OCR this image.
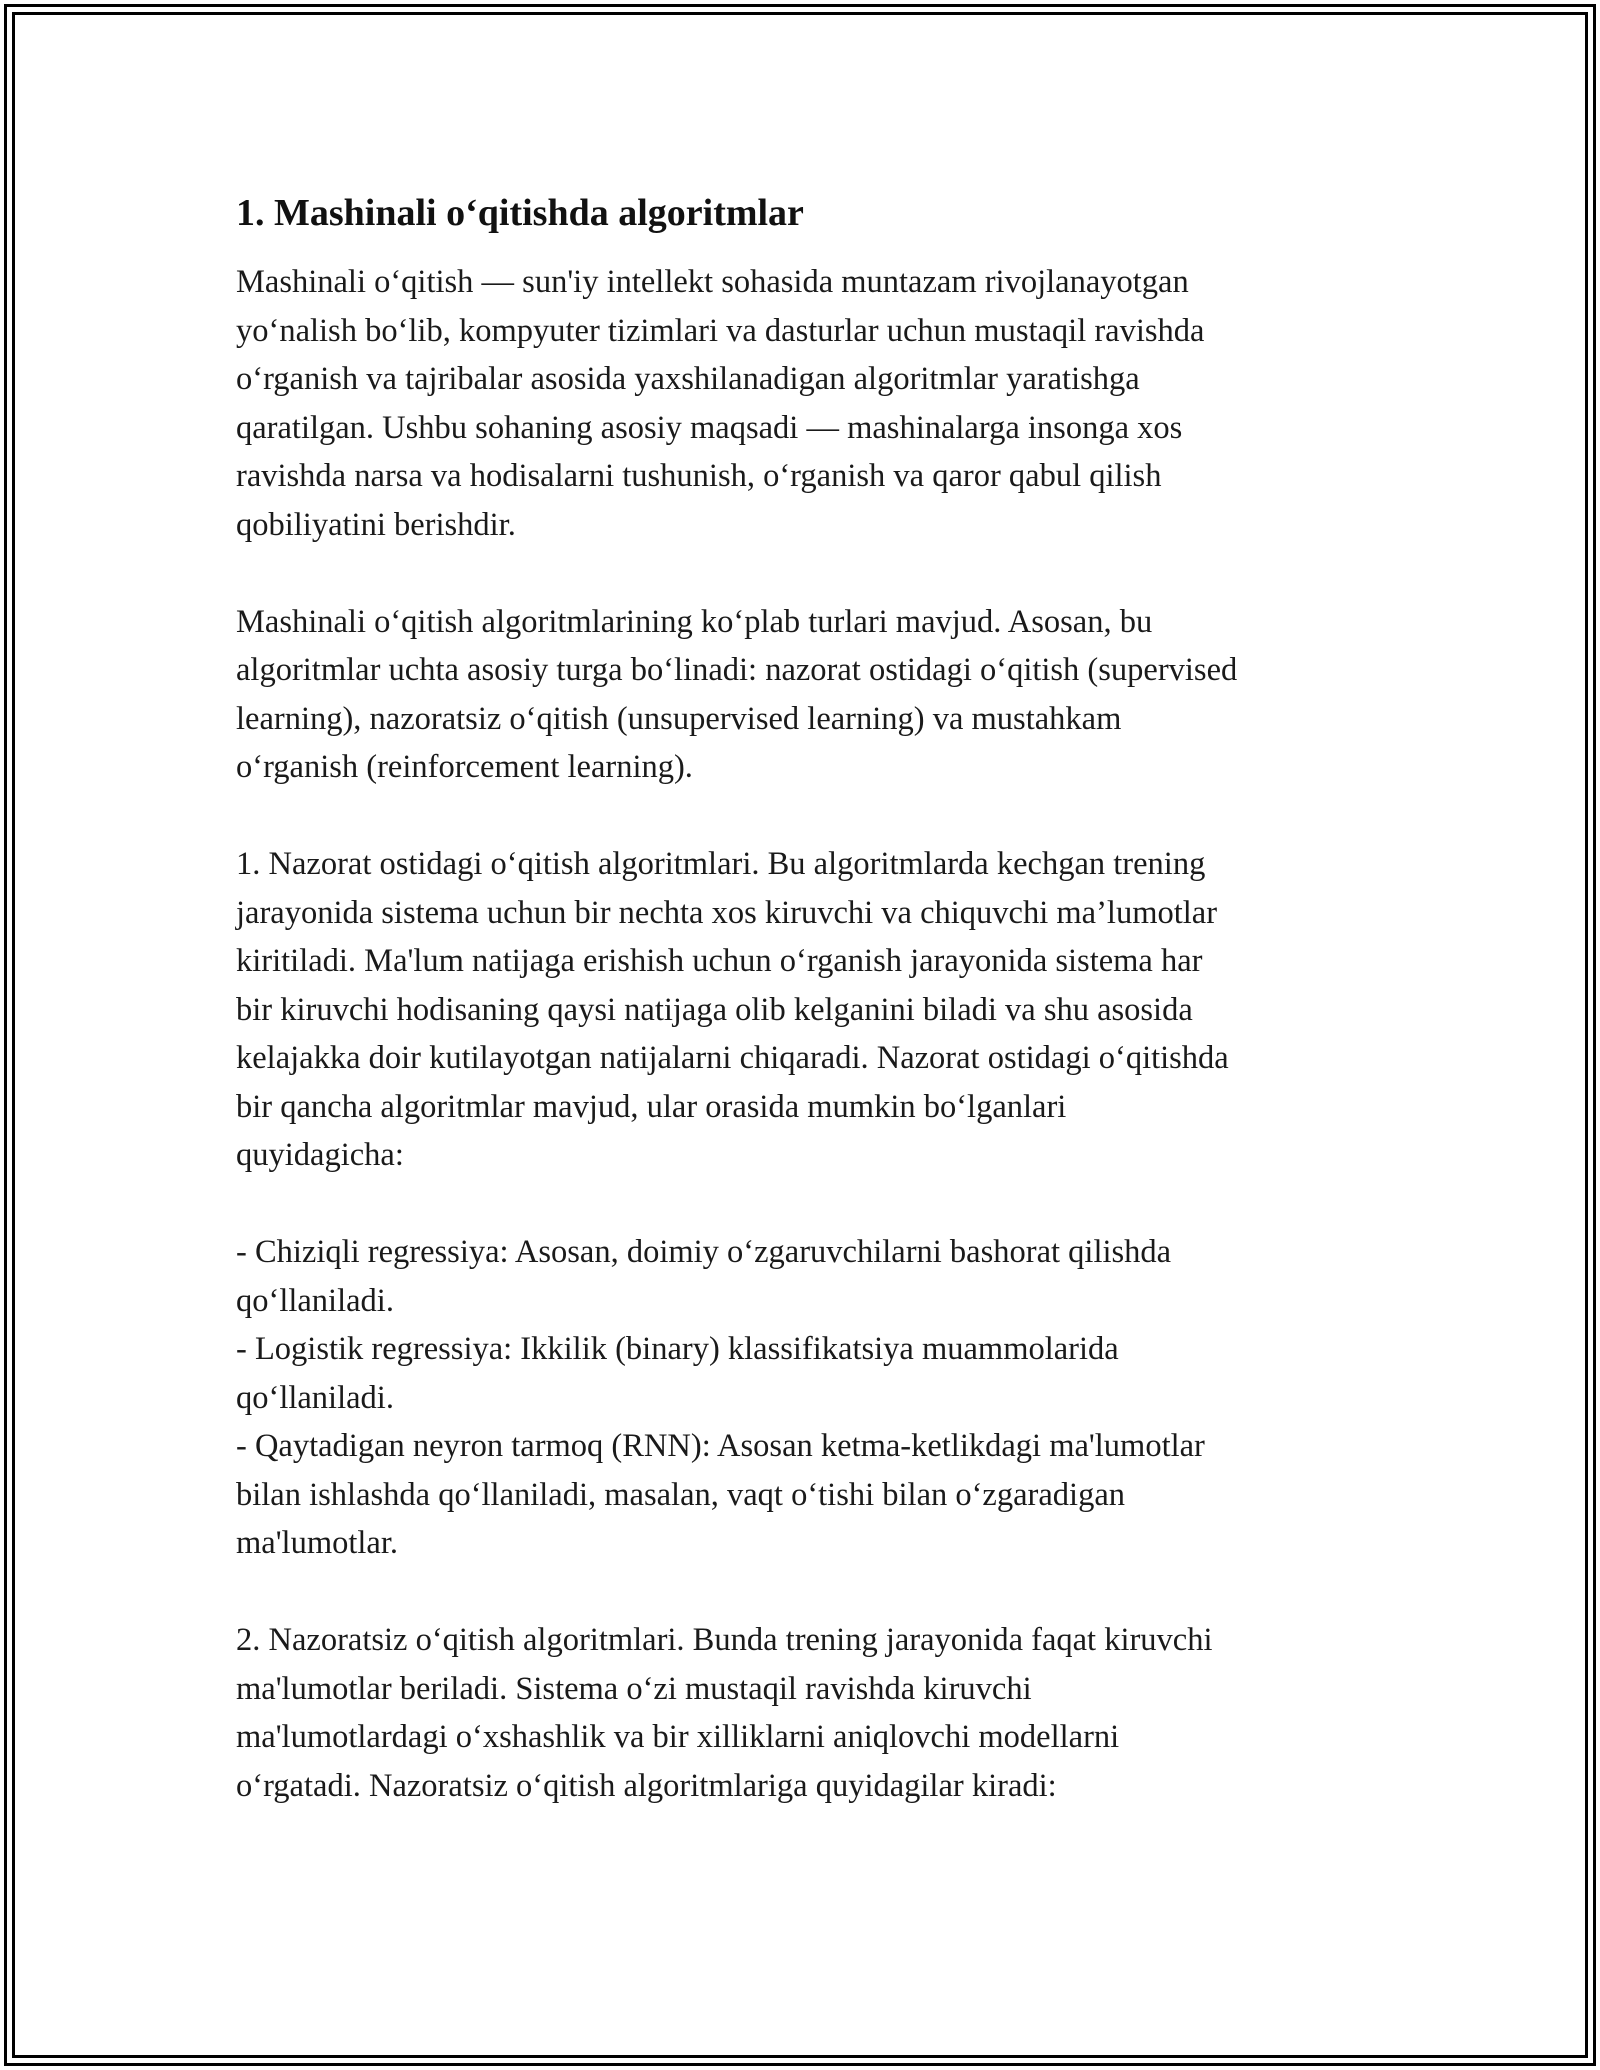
1. Mashinali o‘qitishda algoritmlar
Mashinali o‘qitish — sun'iy intellekt sohasida muntazam rivojlanayotgan
yo‘nalish bo‘lib, kompyuter tizimlari va dasturlar uchun mustaqil ravishda
o‘rganish va tajribalar asosida yaxshilanadigan algoritmlar yaratishga
qaratilgan. Ushbu sohaning asosiy maqsadi — mashinalarga insonga xos
ravishda narsa va hodisalarni tushunish, o‘rganish va qaror qabul qilish
qobiliyatini berishdir.
Mashinali o‘qitish algoritmlarining ko‘plab turlari mavjud. Asosan, bu
algoritmlar uchta asosiy turga bo‘linadi: nazorat ostidagi o‘qitish (supervised
learning), nazoratsiz o‘qitish (unsupervised learning) va mustahkam
o‘rganish (reinforcement learning).
1. Nazorat ostidagi o‘qitish algoritmlari. Bu algoritmlarda kechgan trening
jarayonida sistema uchun bir nechta xos kiruvchi va chiquvchi ma’lumotlar
kiritiladi. Ma'lum natijaga erishish uchun o‘rganish jarayonida sistema har
bir kiruvchi hodisaning qaysi natijaga olib kelganini biladi va shu asosida
kelajakka doir kutilayotgan natijalarni chiqaradi. Nazorat ostidagi o‘qitishda
bir qancha algoritmlar mavjud, ular orasida mumkin bo‘lganlari
quyidagicha:
- Chiziqli regressiya: Asosan, doimiy o‘zgaruvchilarni bashorat qilishda
qo‘llaniladi.
- Logistik regressiya: Ikkilik (binary) klassifikatsiya muammolarida
qo‘llaniladi.
- Qaytadigan neyron tarmoq (RNN): Asosan ketma-ketlikdagi ma'lumotlar
bilan ishlashda qo‘llaniladi, masalan, vaqt o‘tishi bilan o‘zgaradigan
ma'lumotlar.
2. Nazoratsiz o‘qitish algoritmlari. Bunda trening jarayonida faqat kiruvchi
ma'lumotlar beriladi. Sistema o‘zi mustaqil ravishda kiruvchi
ma'lumotlardagi o‘xshashlik va bir xilliklarni aniqlovchi modellarni
o‘rgatadi. Nazoratsiz o‘qitish algoritmlariga quyidagilar kiradi:
